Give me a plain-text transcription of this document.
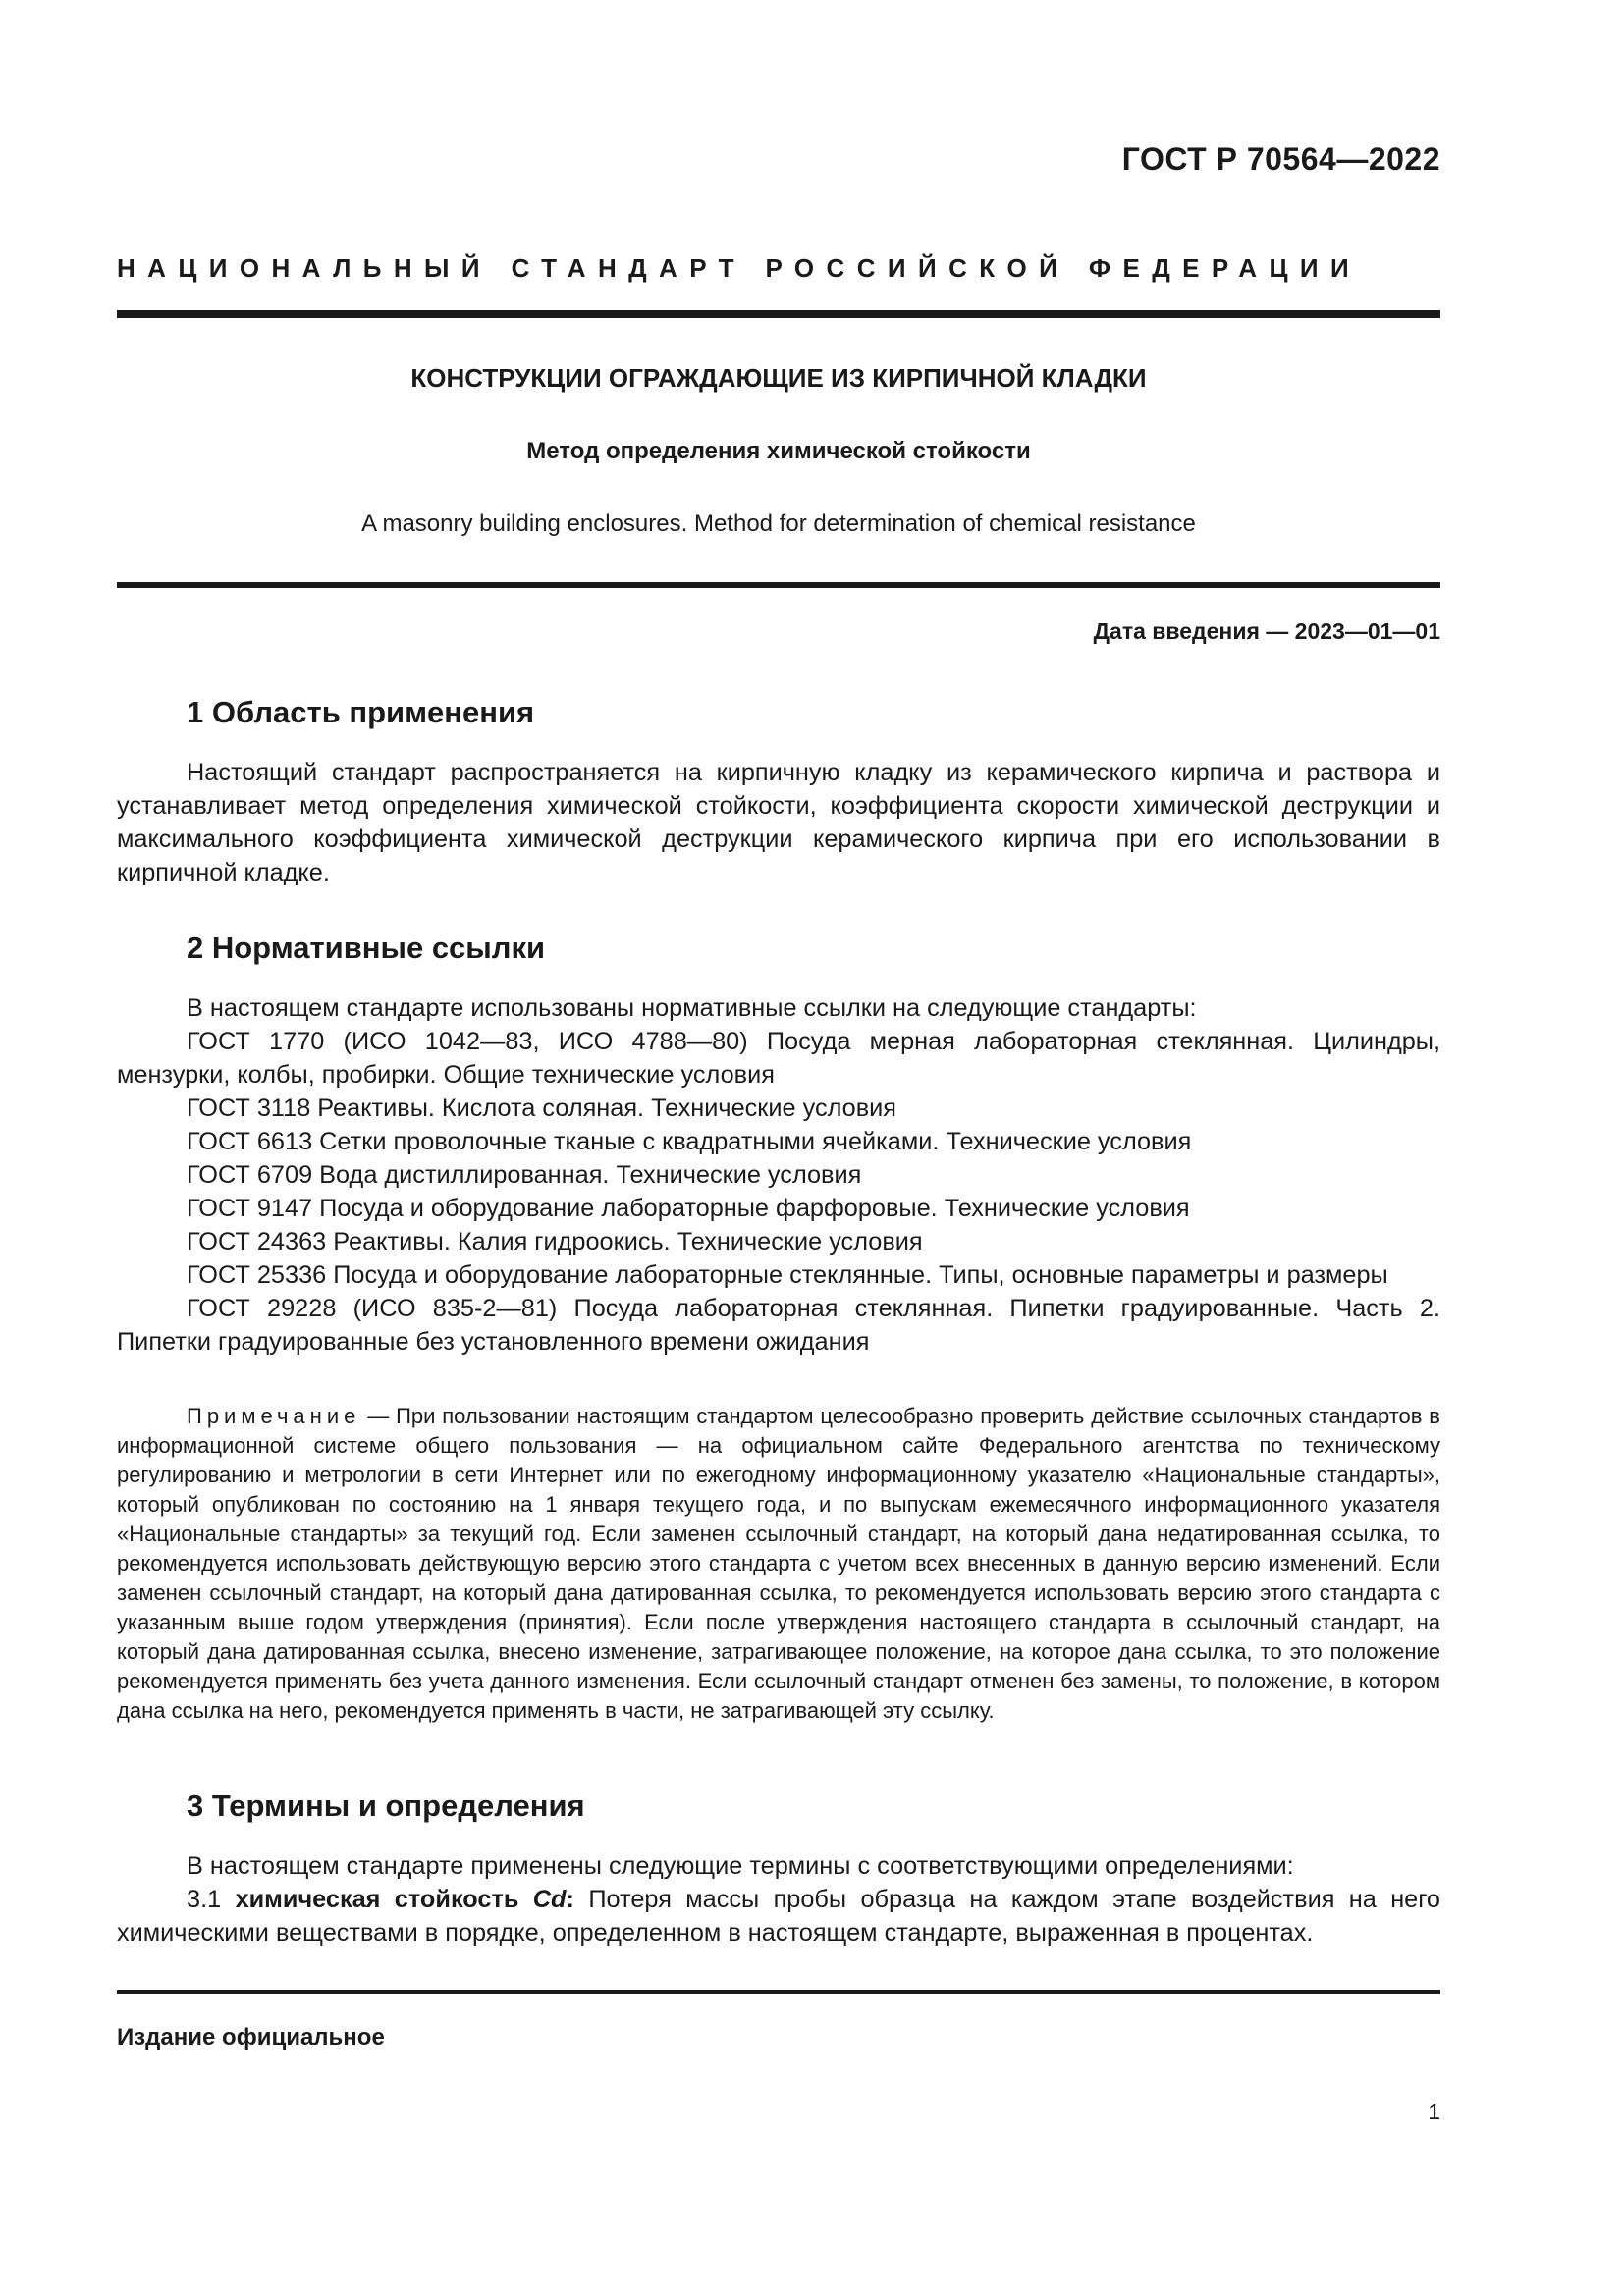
ГОСТ Р 70564—2022
НАЦИОНАЛЬНЫЙ СТАНДАРТ РОССИЙСКОЙ ФЕДЕРАЦИИ
КОНСТРУКЦИИ ОГРАЖДАЮЩИЕ ИЗ КИРПИЧНОЙ КЛАДКИ
Метод определения химической стойкости
A masonry building enclosures. Method for determination of chemical resistance
Дата введения — 2023—01—01
1 Область применения
Настоящий стандарт распространяется на кирпичную кладку из керамического кирпича и раствора и устанавливает метод определения химической стойкости, коэффициента скорости химической деструкции и максимального коэффициента химической деструкции керамического кирпича при его использовании в кирпичной кладке.
2 Нормативные ссылки
В настоящем стандарте использованы нормативные ссылки на следующие стандарты:
ГОСТ 1770 (ИСО 1042—83, ИСО 4788—80) Посуда мерная лабораторная стеклянная. Цилиндры, мензурки, колбы, пробирки. Общие технические условия
ГОСТ 3118 Реактивы. Кислота соляная. Технические условия
ГОСТ 6613 Сетки проволочные тканые с квадратными ячейками. Технические условия
ГОСТ 6709 Вода дистиллированная. Технические условия
ГОСТ 9147 Посуда и оборудование лабораторные фарфоровые. Технические условия
ГОСТ 24363 Реактивы. Калия гидроокись. Технические условия
ГОСТ 25336 Посуда и оборудование лабораторные стеклянные. Типы, основные параметры и размеры
ГОСТ 29228 (ИСО 835-2—81) Посуда лабораторная стеклянная. Пипетки градуированные. Часть 2. Пипетки градуированные без установленного времени ожидания
Примечание — При пользовании настоящим стандартом целесообразно проверить действие ссылочных стандартов в информационной системе общего пользования — на официальном сайте Федерального агентства по техническому регулированию и метрологии в сети Интернет или по ежегодному информационному указателю «Национальные стандарты», который опубликован по состоянию на 1 января текущего года, и по выпускам ежемесячного информационного указателя «Национальные стандарты» за текущий год. Если заменен ссылочный стандарт, на который дана недатированная ссылка, то рекомендуется использовать действующую версию этого стандарта с учетом всех внесенных в данную версию изменений. Если заменен ссылочный стандарт, на который дана датированная ссылка, то рекомендуется использовать версию этого стандарта с указанным выше годом утверждения (принятия). Если после утверждения настоящего стандарта в ссылочный стандарт, на который дана датированная ссылка, внесено изменение, затрагивающее положение, на которое дана ссылка, то это положение рекомендуется применять без учета данного изменения. Если ссылочный стандарт отменен без замены, то положение, в котором дана ссылка на него, рекомендуется применять в части, не затрагивающей эту ссылку.
3 Термины и определения
В настоящем стандарте применены следующие термины с соответствующими определениями:
3.1 химическая стойкость Cd: Потеря массы пробы образца на каждом этапе воздействия на него химическими веществами в порядке, определенном в настоящем стандарте, выраженная в процентах.
Издание официальное
1
